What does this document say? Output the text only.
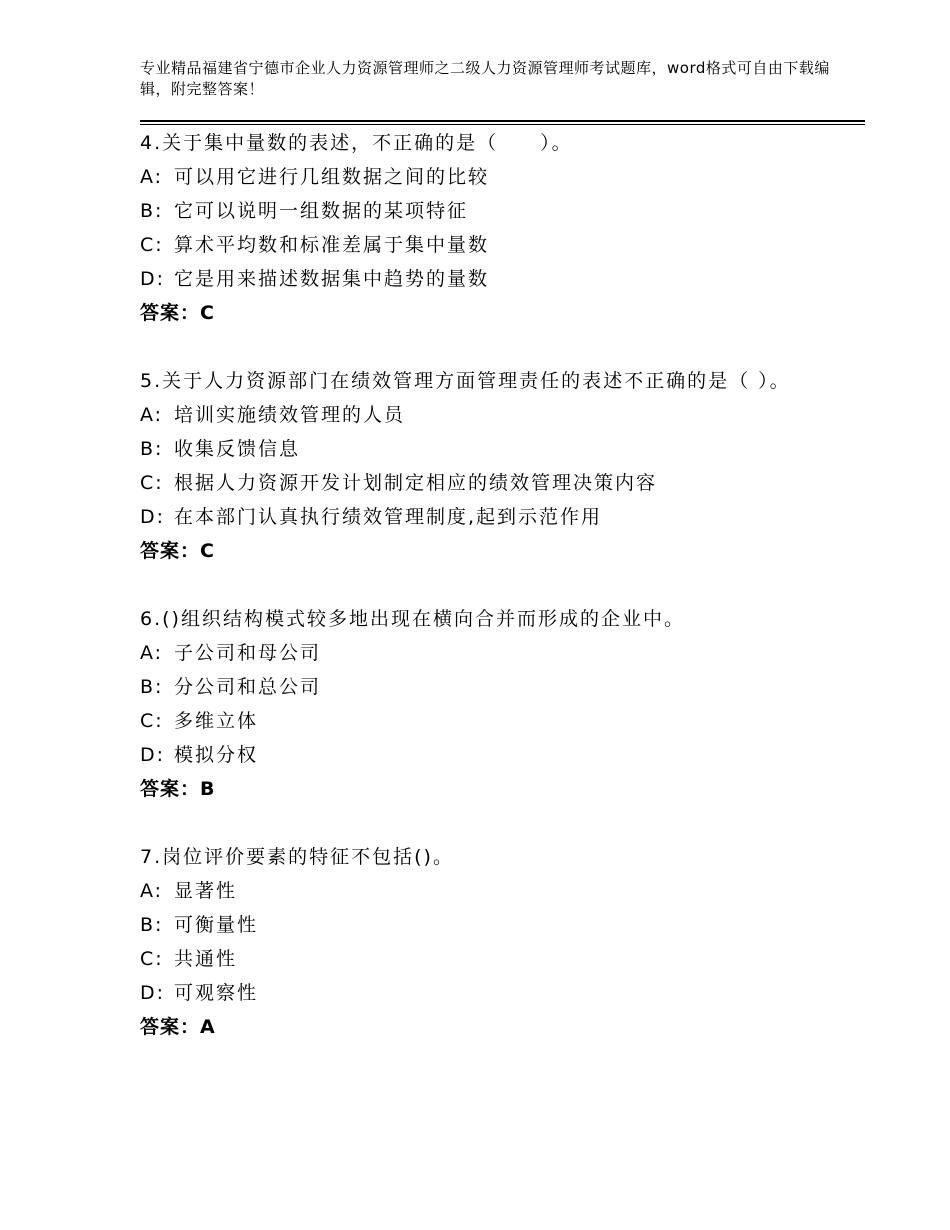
专业精品福建省宁德市企业人力资源管理师之二级人力资源管理师考试题库，word格式可自由下载编辑，附完整答案！
4.关于集中量数的表述，不正确的是（　　）。
A: 可以用它进行几组数据之间的比较
B: 它可以说明一组数据的某项特征
C: 算术平均数和标准差属于集中量数
D: 它是用来描述数据集中趋势的量数
答案：C
5.关于人力资源部门在绩效管理方面管理责任的表述不正确的是（ ）。
A: 培训实施绩效管理的人员
B: 收集反馈信息
C: 根据人力资源开发计划制定相应的绩效管理决策内容
D: 在本部门认真执行绩效管理制度,起到示范作用
答案：C
6.()组织结构模式较多地出现在横向合并而形成的企业中。
A: 子公司和母公司
B: 分公司和总公司
C: 多维立体
D: 模拟分权
答案：B
7.岗位评价要素的特征不包括()。
A: 显著性
B: 可衡量性
C: 共通性
D: 可观察性
答案：A
